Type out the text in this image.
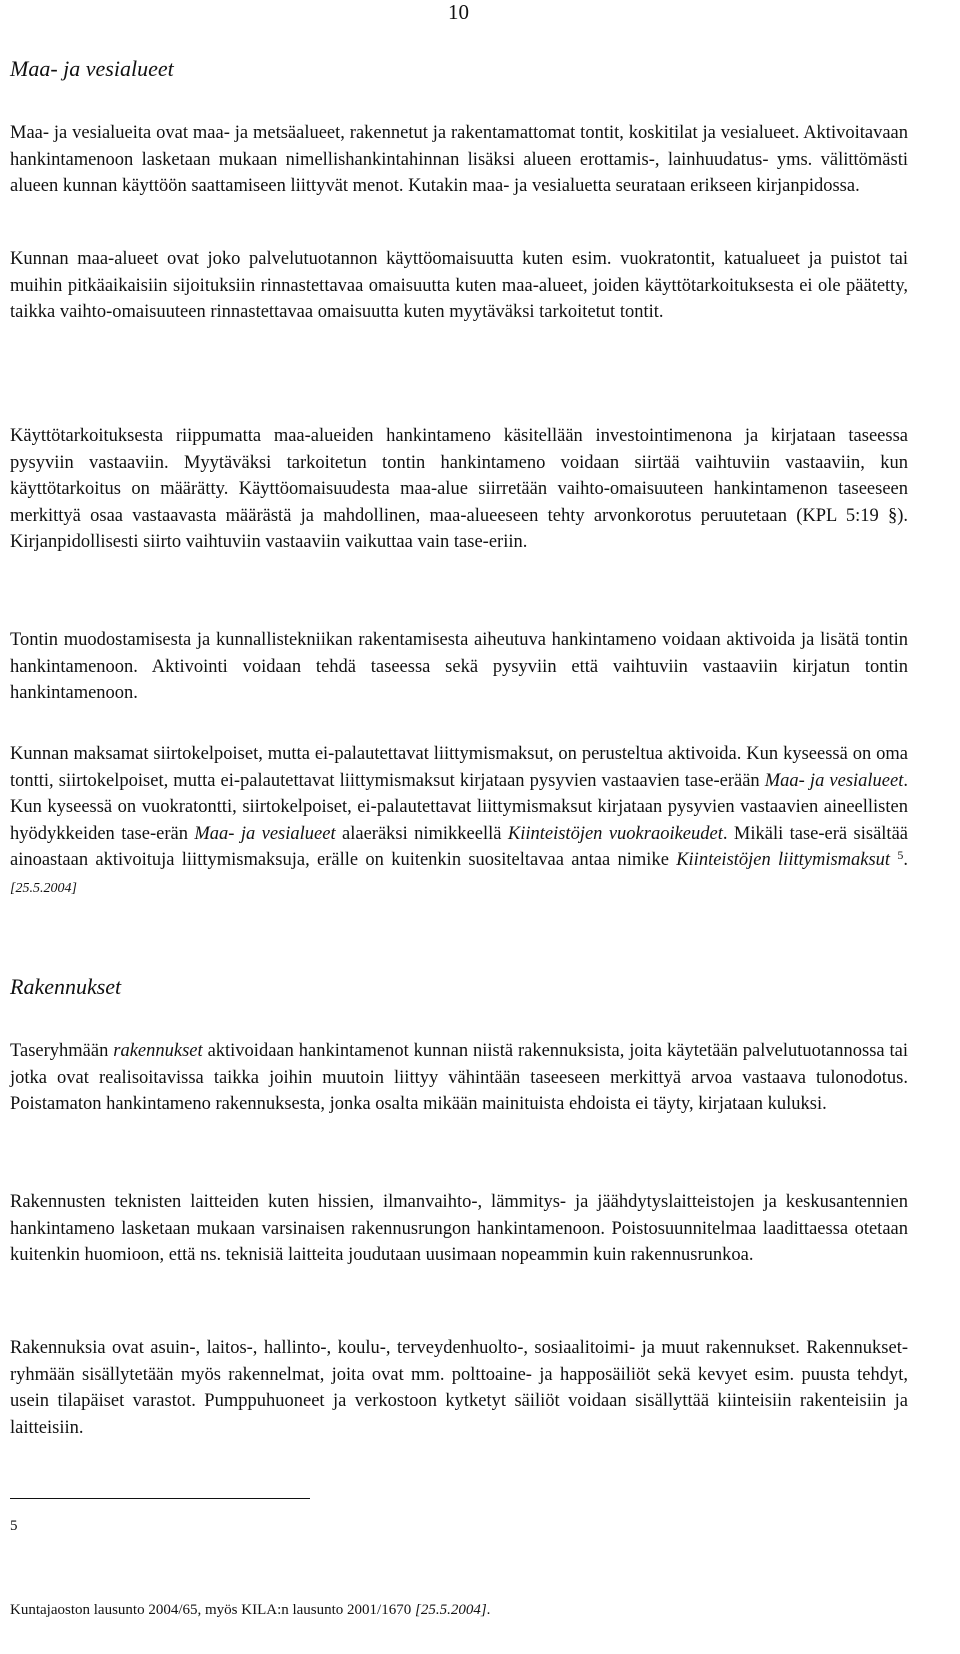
10
Maa- ja vesialueet

Maa- ja vesialueita ovat maa- ja metsäalueet, rakennetut ja rakentamattomat tontit, koskitilat ja vesialueet. Aktivoitavaan hankintamenoon lasketaan mukaan nimellishankintahinnan lisäksi alueen erottamis-, lainhuudatus- yms. välittömästi alueen kunnan käyttöön saattamiseen liittyvät menot. Kutakin maa- ja vesialuetta seurataan erikseen kirjanpidossa.

Kunnan maa-alueet ovat joko palvelutuotannon käyttöomaisuutta kuten esim. vuokratontit, katualueet ja puistot tai muihin pitkäaikaisiin sijoituksiin rinnastettavaa omaisuutta kuten maa-alueet, joiden käyttötarkoituksesta ei ole päätetty, taikka vaihto-omaisuuteen rinnastettavaa omaisuutta kuten myytäväksi tarkoitetut tontit.

Käyttötarkoituksesta riippumatta maa-alueiden hankintameno käsitellään investointimenona ja kirjataan taseessa pysyviin vastaaviin. Myytäväksi tarkoitetun tontin hankintameno voidaan siirtää vaihtuviin vastaaviin, kun käyttötarkoitus on määrätty. Käyttöomaisuudesta maa-alue siirretään vaihto-omaisuuteen hankintamenon taseeseen merkittyä osaa vastaavasta määrästä ja mahdollinen, maa-alueeseen tehty arvonkorotus peruutetaan (KPL 5:19 §). Kirjanpidollisesti siirto vaihtuviin vastaaviin vaikuttaa vain tase-eriin.

Tontin muodostamisesta ja kunnallistekniikan rakentamisesta aiheutuva hankintameno voidaan aktivoida ja lisätä tontin hankintamenoon. Aktivointi voidaan tehdä taseessa sekä pysyviin että vaihtuviin vastaaviin kirjatun tontin hankintamenoon.

Kunnan maksamat siirtokelpoiset, mutta ei-palautettavat liittymismaksut, on perusteltua aktivoida. Kun kyseessä on oma tontti, siirtokelpoiset, mutta ei-palautettavat liittymismaksut kirjataan pysyvien vastaavien tase-erään Maa- ja vesialueet. Kun kyseessä on vuokratontti, siirtokelpoiset, ei-palautettavat liittymismaksut kirjataan pysyvien vastaavien aineellisten hyödykkeiden tase-erän Maa- ja vesialueet alaeräksi nimikkeellä Kiinteistöjen vuokraoikeudet. Mikäli tase-erä sisältää ainoastaan aktivoituja liittymismaksuja, erälle on kuitenkin suositeltavaa antaa nimike Kiinteistöjen liittymismaksut $^5$. [25.5.2004]

Rakennukset

Taseryhmään rakennukset aktivoidaan hankintamenot kunnan niistä rakennuksista, joita käytetään palvelutuotannossa tai jotka ovat realisoitavissa taikka joihin muutoin liittyy vähintään taseeseen merkittyä arvoa vastaava tulonodotus. Poistamaton hankintameno rakennuksesta, jonka osalta mikään mainituista ehdoista ei täyty, kirjataan kuluksi.

Rakennusten teknisten laitteiden kuten hissien, ilmanvaihto-, lämmitys- ja jäähdytyslaitteistojen ja keskusantennien hankintameno lasketaan mukaan varsinaisen rakennusrungon hankintamenoon. Poistosuunnitelmaa laadittaessa otetaan kuitenkin huomioon, että ns. teknisiä laitteita joudutaan uusimaan nopeammin kuin rakennusrunkoa.

Rakennuksia ovat asuin-, laitos-, hallinto-, koulu-, terveydenhuolto-, sosiaalitoimi- ja muut rakennukset. Rakennukset-ryhmään sisällytetään myös rakennelmat, joita ovat mm. polttoaine- ja happosäiliöt sekä kevyet esim. puusta tehdyt, usein tilapäiset varastot. Pumppuhuoneet ja verkostoon kytketyt säiliöt voidaan sisällyttää kiinteisiin rakenteisiin ja laitteisiin.

5

Kuntajaoston lausunto 2004/65, myös KILA:n lausunto 2001/1670 [25.5.2004].
